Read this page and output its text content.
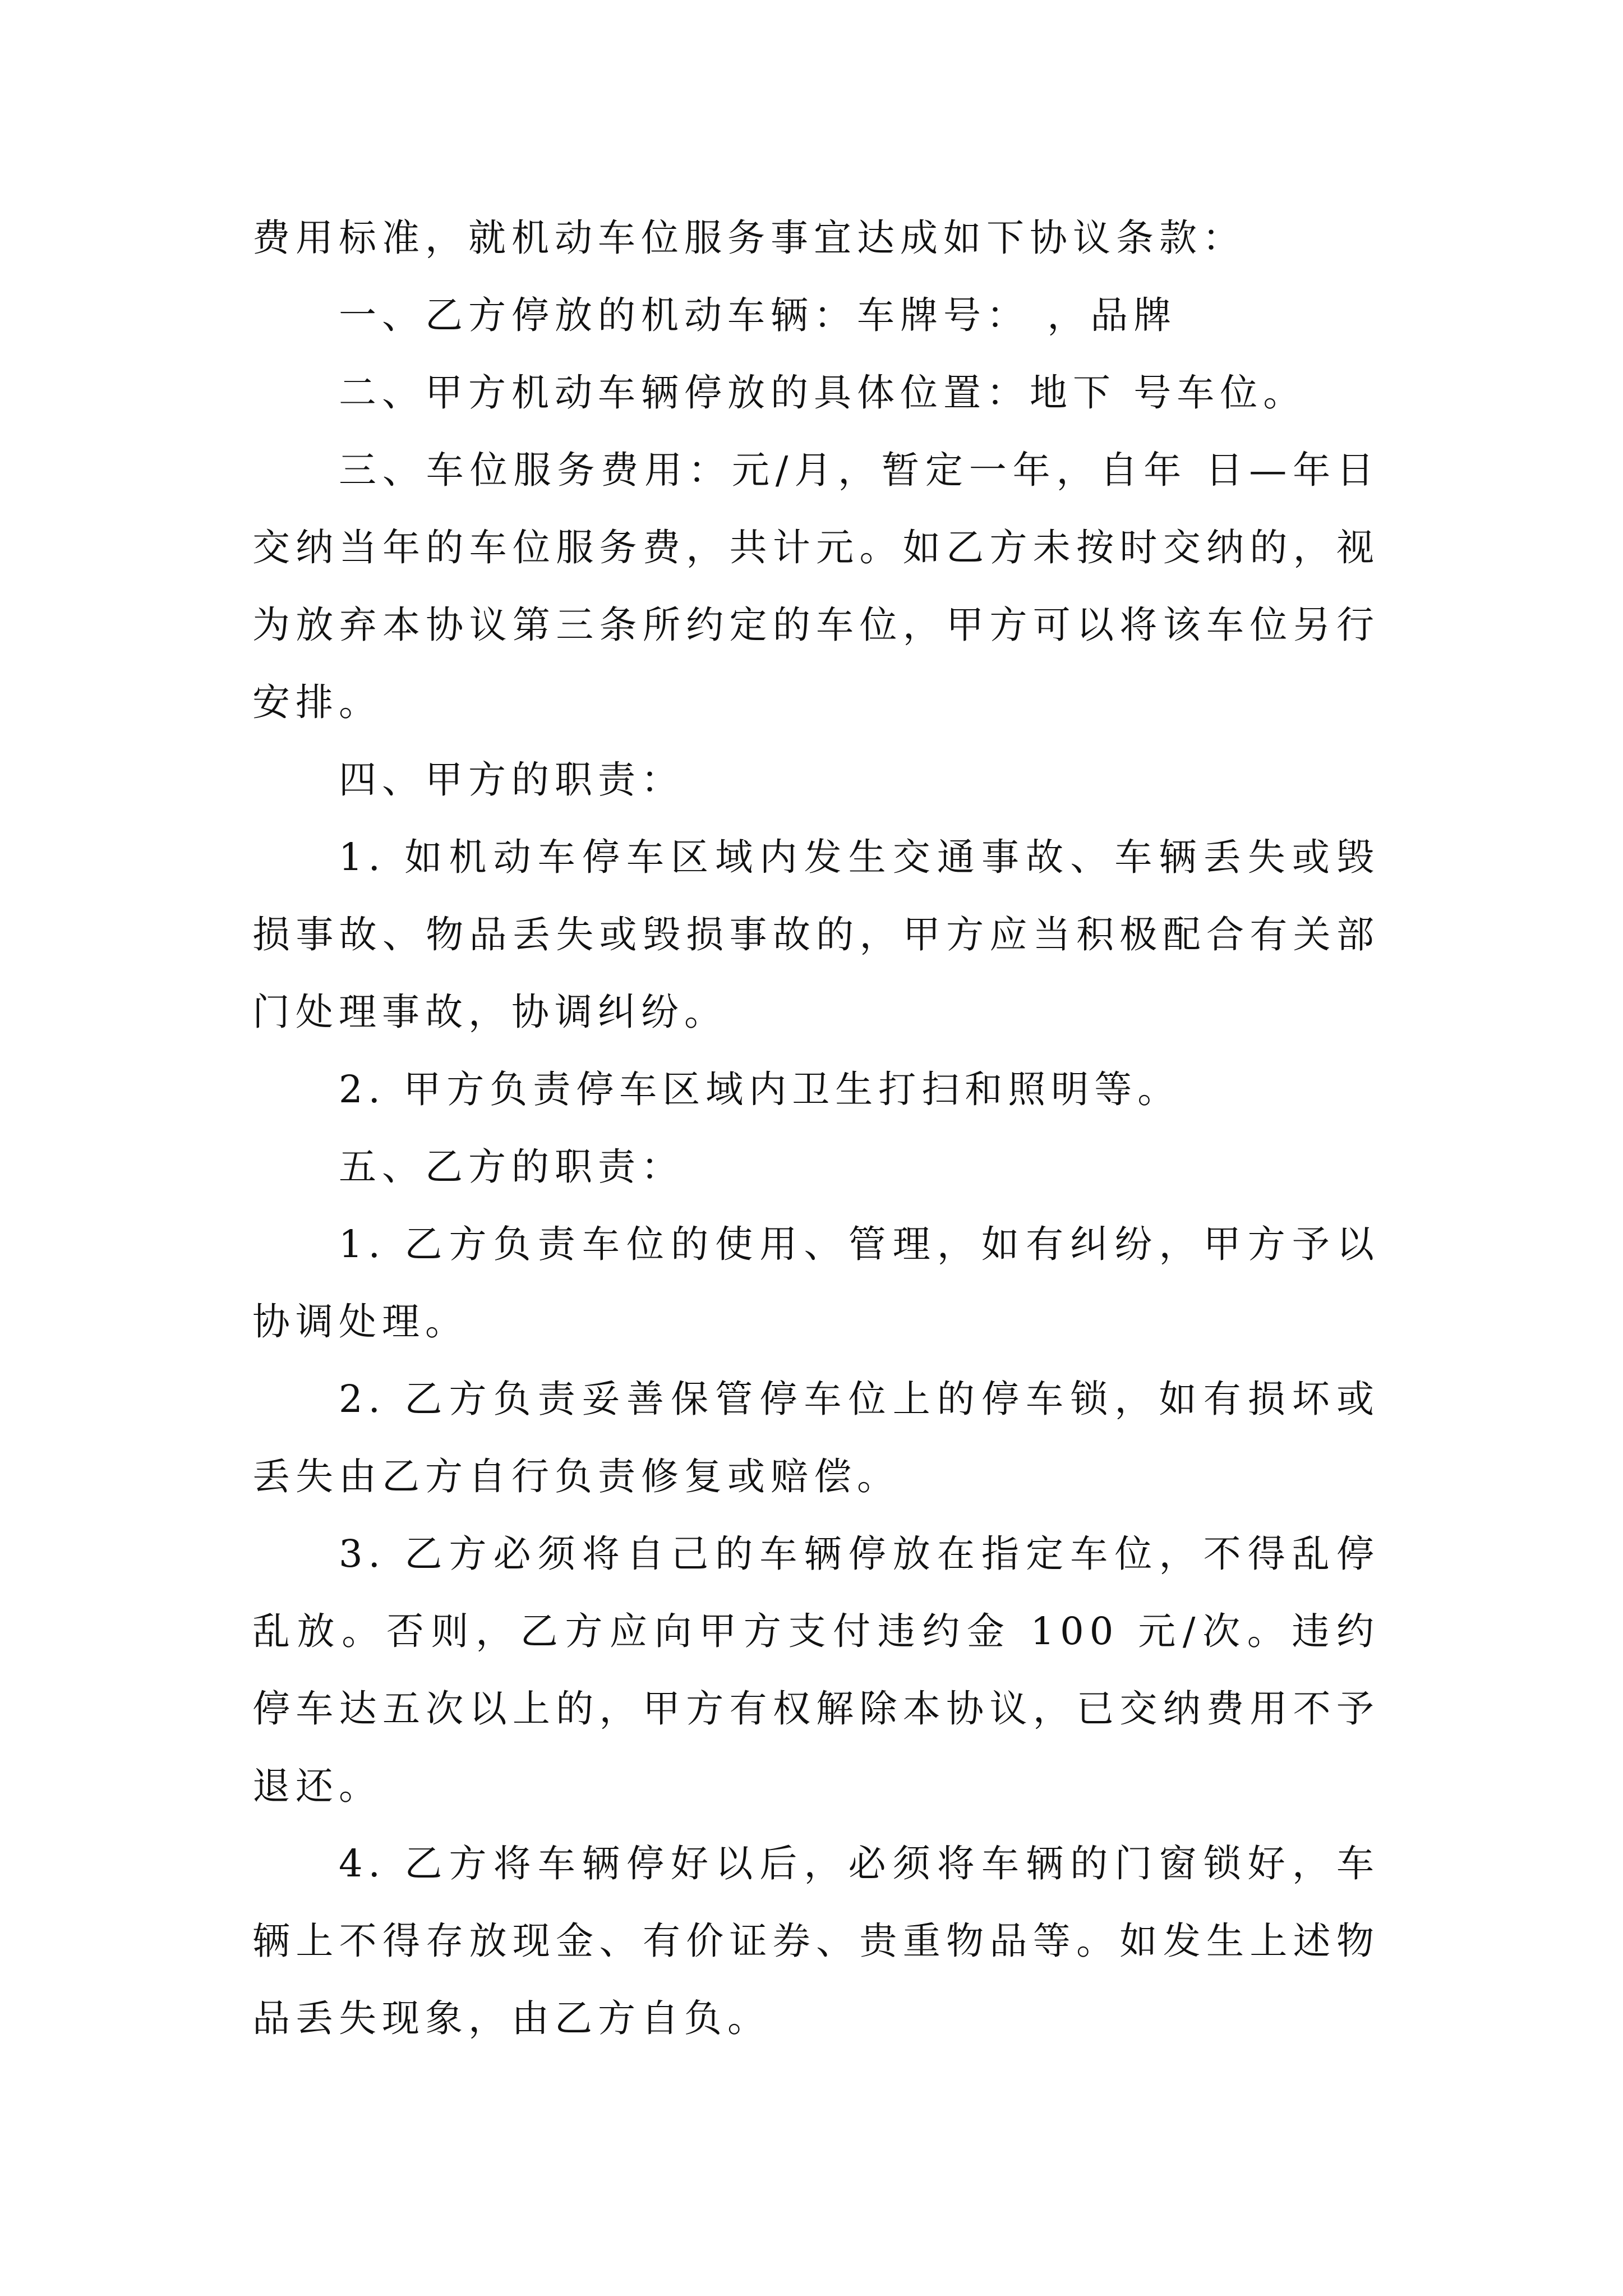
费用标准，就机动车位服务事宜达成如下协议条款：

一、乙方停放的机动车辆：车牌号： ，品牌

二、甲方机动车辆停放的具体位置：地下 号车位。

三、车位服务费用：元/月，暂定一年，自年 日—年日交纳当年的车位服务费，共计元。如乙方未按时交纳的，视为放弃本协议第三条所约定的车位，甲方可以将该车位另行安排。

四、甲方的职责：

1. 如机动车停车区域内发生交通事故、车辆丢失或毁损事故、物品丢失或毁损事故的，甲方应当积极配合有关部门处理事故，协调纠纷。

2. 甲方负责停车区域内卫生打扫和照明等。

五、乙方的职责：

1. 乙方负责车位的使用、管理，如有纠纷，甲方予以协调处理。

2. 乙方负责妥善保管停车位上的停车锁，如有损坏或丢失由乙方自行负责修复或赔偿。

3. 乙方必须将自己的车辆停放在指定车位，不得乱停乱放。否则，乙方应向甲方支付违约金 100 元/次。违约停车达五次以上的，甲方有权解除本协议，已交纳费用不予退还。

4. 乙方将车辆停好以后，必须将车辆的门窗锁好，车辆上不得存放现金、有价证券、贵重物品等。如发生上述物品丢失现象，由乙方自负。
